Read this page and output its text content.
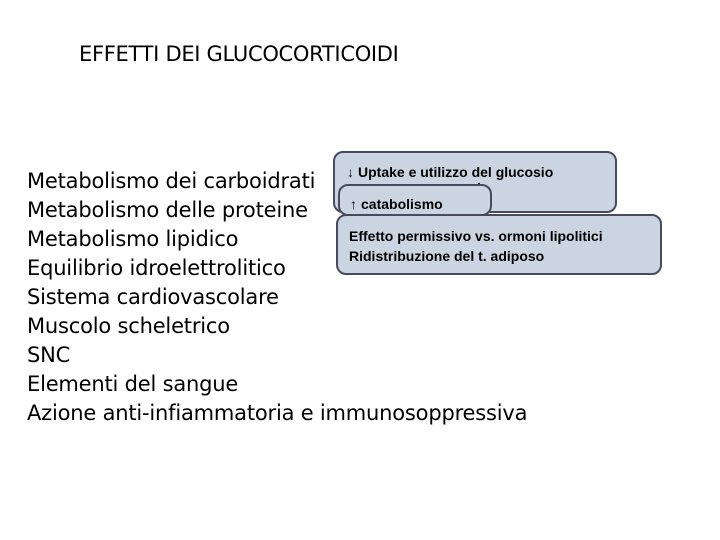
EFFETTI DEI GLUCOCORTICOIDI
Metabolismo dei carboidrati
Metabolismo delle proteine
Metabolismo lipidico
Equilibrio idroelettrolitico
Sistema cardiovascolare
Muscolo scheletrico
SNC
Elementi del sangue
Azione anti-infiammatoria e immunosoppressiva
↓ Uptake e utilizzo del glucosio
↑ catabolismo
Effetto permissivo vs. ormoni lipolitici
Ridistribuzione del t. adiposo
